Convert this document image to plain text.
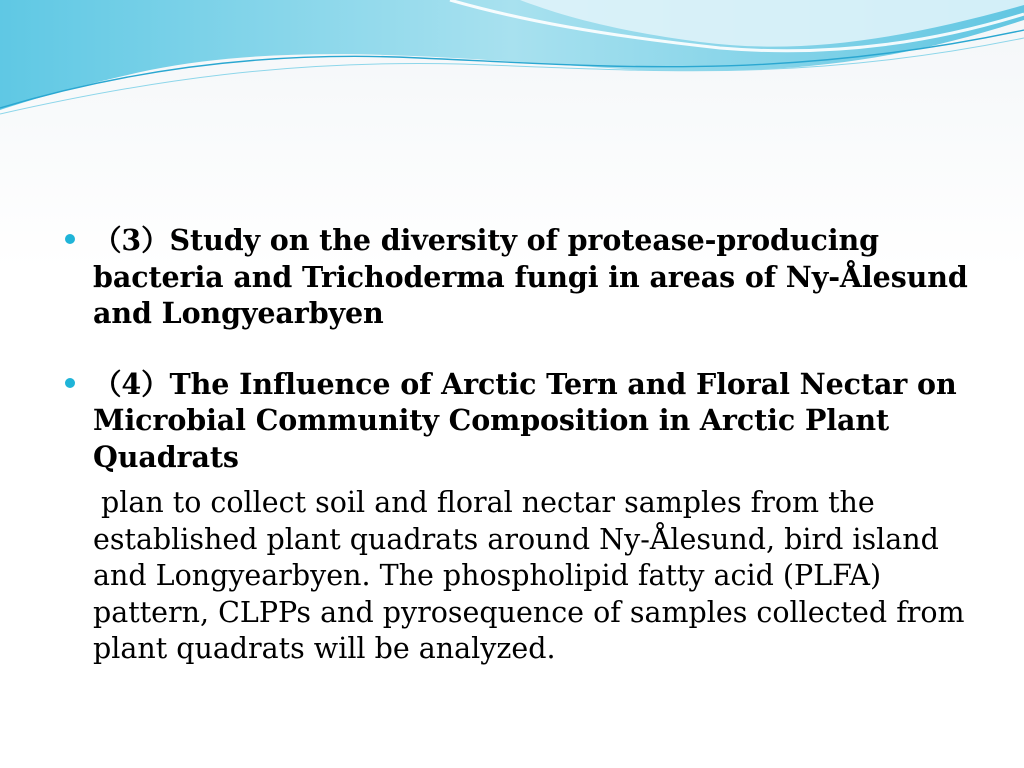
（3）Study on the diversity of protease-producing bacteria and Trichoderma fungi in areas of Ny-Ålesund and Longyearbyen
（4）The Influence of Arctic Tern and Floral Nectar on Microbial Community Composition in Arctic Plant Quadrats
plan to collect soil and floral nectar samples from the established plant quadrats around Ny-Ålesund, bird island and Longyearbyen. The phospholipid fatty acid (PLFA) pattern, CLPPs and pyrosequence of samples collected from plant quadrats will be analyzed.
